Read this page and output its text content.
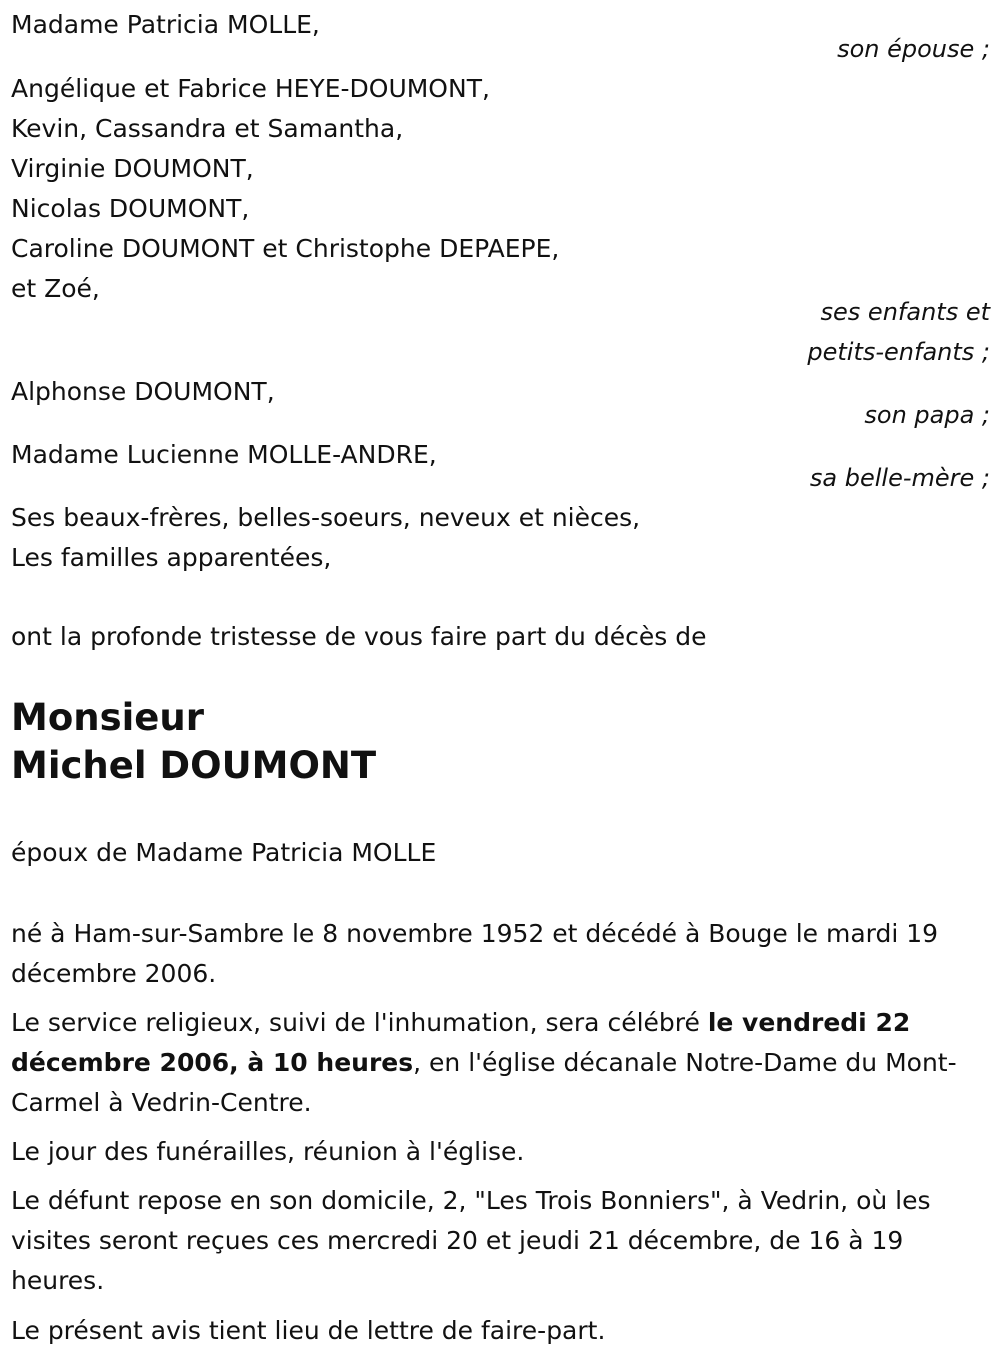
Madame Patricia MOLLE,
son épouse ;
Angélique et Fabrice HEYE-DOUMONT,
Kevin, Cassandra et Samantha,
Virginie DOUMONT,
Nicolas DOUMONT,
Caroline DOUMONT et Christophe DEPAEPE,
et Zoé,
ses enfants et
petits-enfants ;
Alphonse DOUMONT,
son papa ;
Madame Lucienne MOLLE-ANDRE,
sa belle-mère ;
Ses beaux-frères, belles-soeurs, neveux et nièces,
Les familles apparentées,
ont la profonde tristesse de vous faire part du décès de
Monsieur
Michel DOUMONT
époux de Madame Patricia MOLLE
né à Ham-sur-Sambre le 8 novembre 1952 et décédé à Bouge le mardi 19 décembre 2006.
Le service religieux, suivi de l'inhumation, sera célébré le vendredi 22 décembre 2006, à 10 heures, en l'église décanale Notre-Dame du Mont-Carmel à Vedrin-Centre.
Le jour des funérailles, réunion à l'église.
Le défunt repose en son domicile, 2, "Les Trois Bonniers", à Vedrin, où les visites seront reçues ces mercredi 20 et jeudi 21 décembre, de 16 à 19 heures.
Le présent avis tient lieu de lettre de faire-part.
